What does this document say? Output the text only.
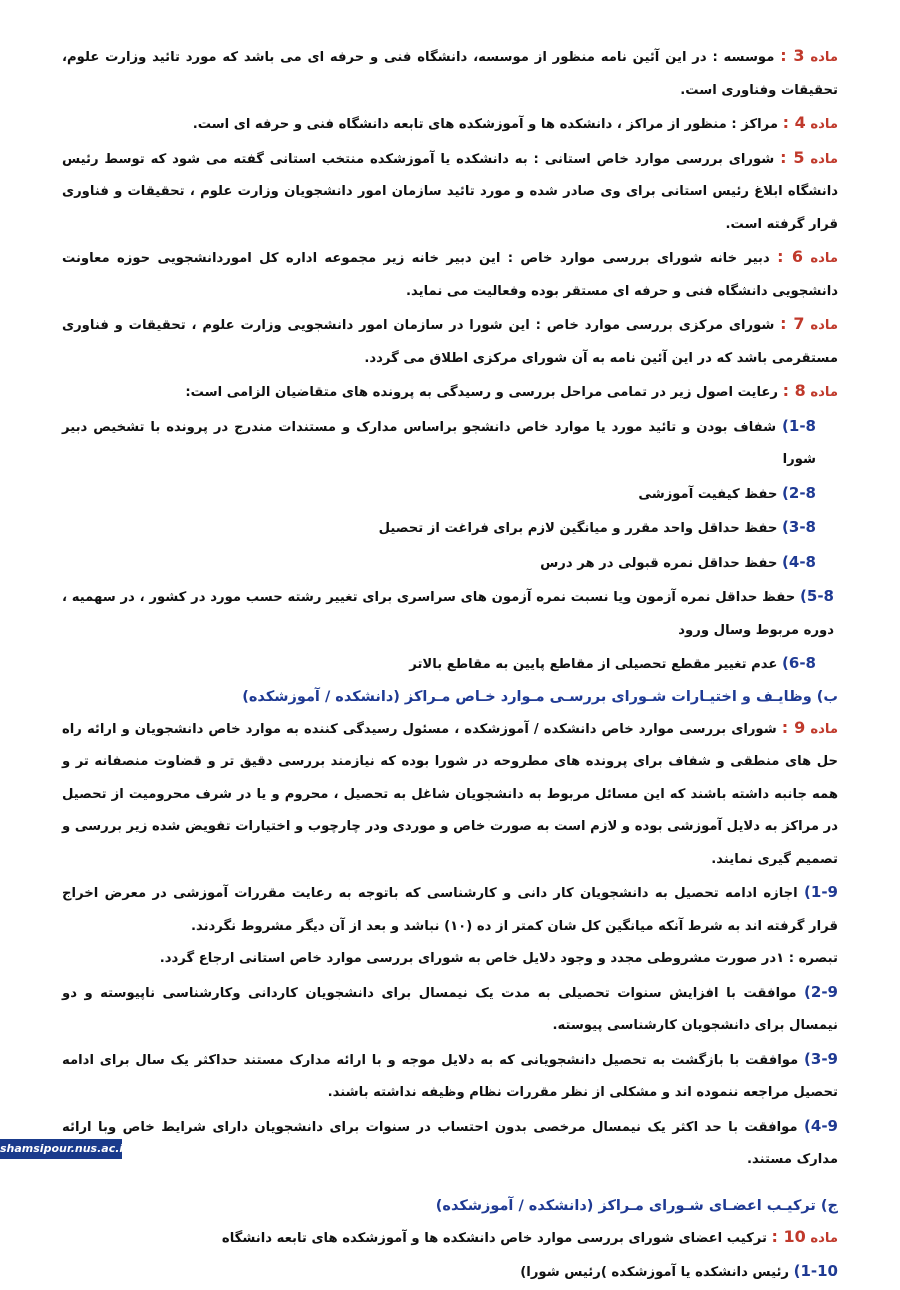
ماده 3 : موسسه : در این آئین نامه منظور از موسسه، دانشگاه فنی و حرفه ای می باشد که مورد تائید وزارت علوم، تحقیقات وفناوری است.

ماده 4 : مراکز : منظور از مراکز ، دانشکده ها و آموزشکده های تابعه دانشگاه فنی و حرفه ای است.

ماده 5 : شورای بررسی موارد خاص استانی : به دانشکده یا آموزشکده منتخب استانی گفته می شود که توسط رئیس دانشگاه ابلاغ رئیس استانی برای وی صادر شده و مورد تائید سازمان امور دانشجویان وزارت علوم ، تحقیقات و فناوری قرار گرفته است.

ماده 6 : دبیر خانه شورای بررسی موارد خاص : این دبیر خانه زیر مجموعه اداره کل اموردانشجویی حوزه معاونت دانشجویی دانشگاه فنی و حرفه ای مستقر بوده وفعالیت می نماید.

ماده 7 : شورای مرکزی بررسی موارد خاص : این شورا در سازمان امور دانشجویی وزارت علوم ، تحقیقات و فناوری مستقرمی باشد که در این آئین نامه به آن شورای مرکزی اطلاق می گردد.

ماده 8 : رعایت اصول زیر در تمامی مراحل بررسی و رسیدگی به پرونده های متقاضیان الزامی است:

1-8) شفاف بودن و تائید مورد یا موارد خاص دانشجو براساس مدارک و مستندات مندرج در پرونده با تشخیص دبیر شورا

2-8) حفظ کیفیت آموزشی

3-8) حفظ حداقل واحد مقرر و میانگین لازم برای فراغت از تحصیل

4-8) حفظ حداقل نمره قبولی در هر درس

5-8) حفظ حداقل نمره آزمون ویا نسبت نمره آزمون های سراسری برای تغییر رشته حسب مورد در کشور ، در سهمیه ، دوره مربوط وسال ورود

6-8) عدم تغییر مقطع تحصیلی از مقاطع پایین به مقاطع بالاتر

ب) وظایـف و اختیـارات شـورای بررسـی مـوارد خـاص مـراکز (دانشکده / آموزشکده)

ماده 9 : شورای بررسی موارد خاص دانشکده / آموزشکده ، مسئول رسیدگی کننده به موارد خاص دانشجویان و ارائه راه حل های منطقی و شفاف برای پرونده های مطروحه در شورا بوده که نیازمند بررسی دقیق تر و قضاوت منصفانه تر و همه جانبه داشته باشند که این مسائل مربوط به دانشجویان شاغل به تحصیل ، محروم و یا در شرف محرومیت از تحصیل در مراکز به دلایل آموزشی بوده و لازم است به صورت خاص و موردی ودر چارچوب و اختیارات تفویض شده زیر بررسی و تصمیم گیری نمایند.

1-9) اجازه ادامه تحصیل به دانشجویان کار دانی و کارشناسی که باتوجه به رعایت مقررات آموزشی در معرض اخراج قرار گرفته اند به شرط آنکه میانگین کل شان کمتر از ده (۱۰) نباشد و بعد از آن دیگر مشروط نگردند.

تبصره : ۱در صورت مشروطی مجدد و وجود دلایل خاص به شورای بررسی موارد خاص استانی ارجاع گردد.

2-9) موافقت با افزایش سنوات تحصیلی به مدت یک نیمسال برای دانشجویان کاردانی وکارشناسی ناپیوسته و دو نیمسال برای دانشجویان کارشناسی پیوسته.

3-9) موافقت با بازگشت به تحصیل دانشجویانی که به دلایل موجه و با ارائه مدارک مستند حداکثر یک سال برای ادامه تحصیل مراجعه ننموده اند و مشکلی از نظر مقررات نظام وظیفه نداشته باشند.

4-9) موافقت با حد اکثر یک نیمسال مرخصی بدون احتساب در سنوات برای دانشجویان دارای شرایط خاص وبا ارائه مدارک مستند.

ج) ترکیـب اعضـای شـورای مـراکز (دانشکده / آموزشکده)

ماده 10 : ترکیب اعضای شورای بررسی موارد خاص دانشکده ها و آموزشکده های تابعه دانشگاه

1-10) رئیس دانشکده یا آموزشکده )رئیس شورا)

shamsipour.nus.ac.ir
